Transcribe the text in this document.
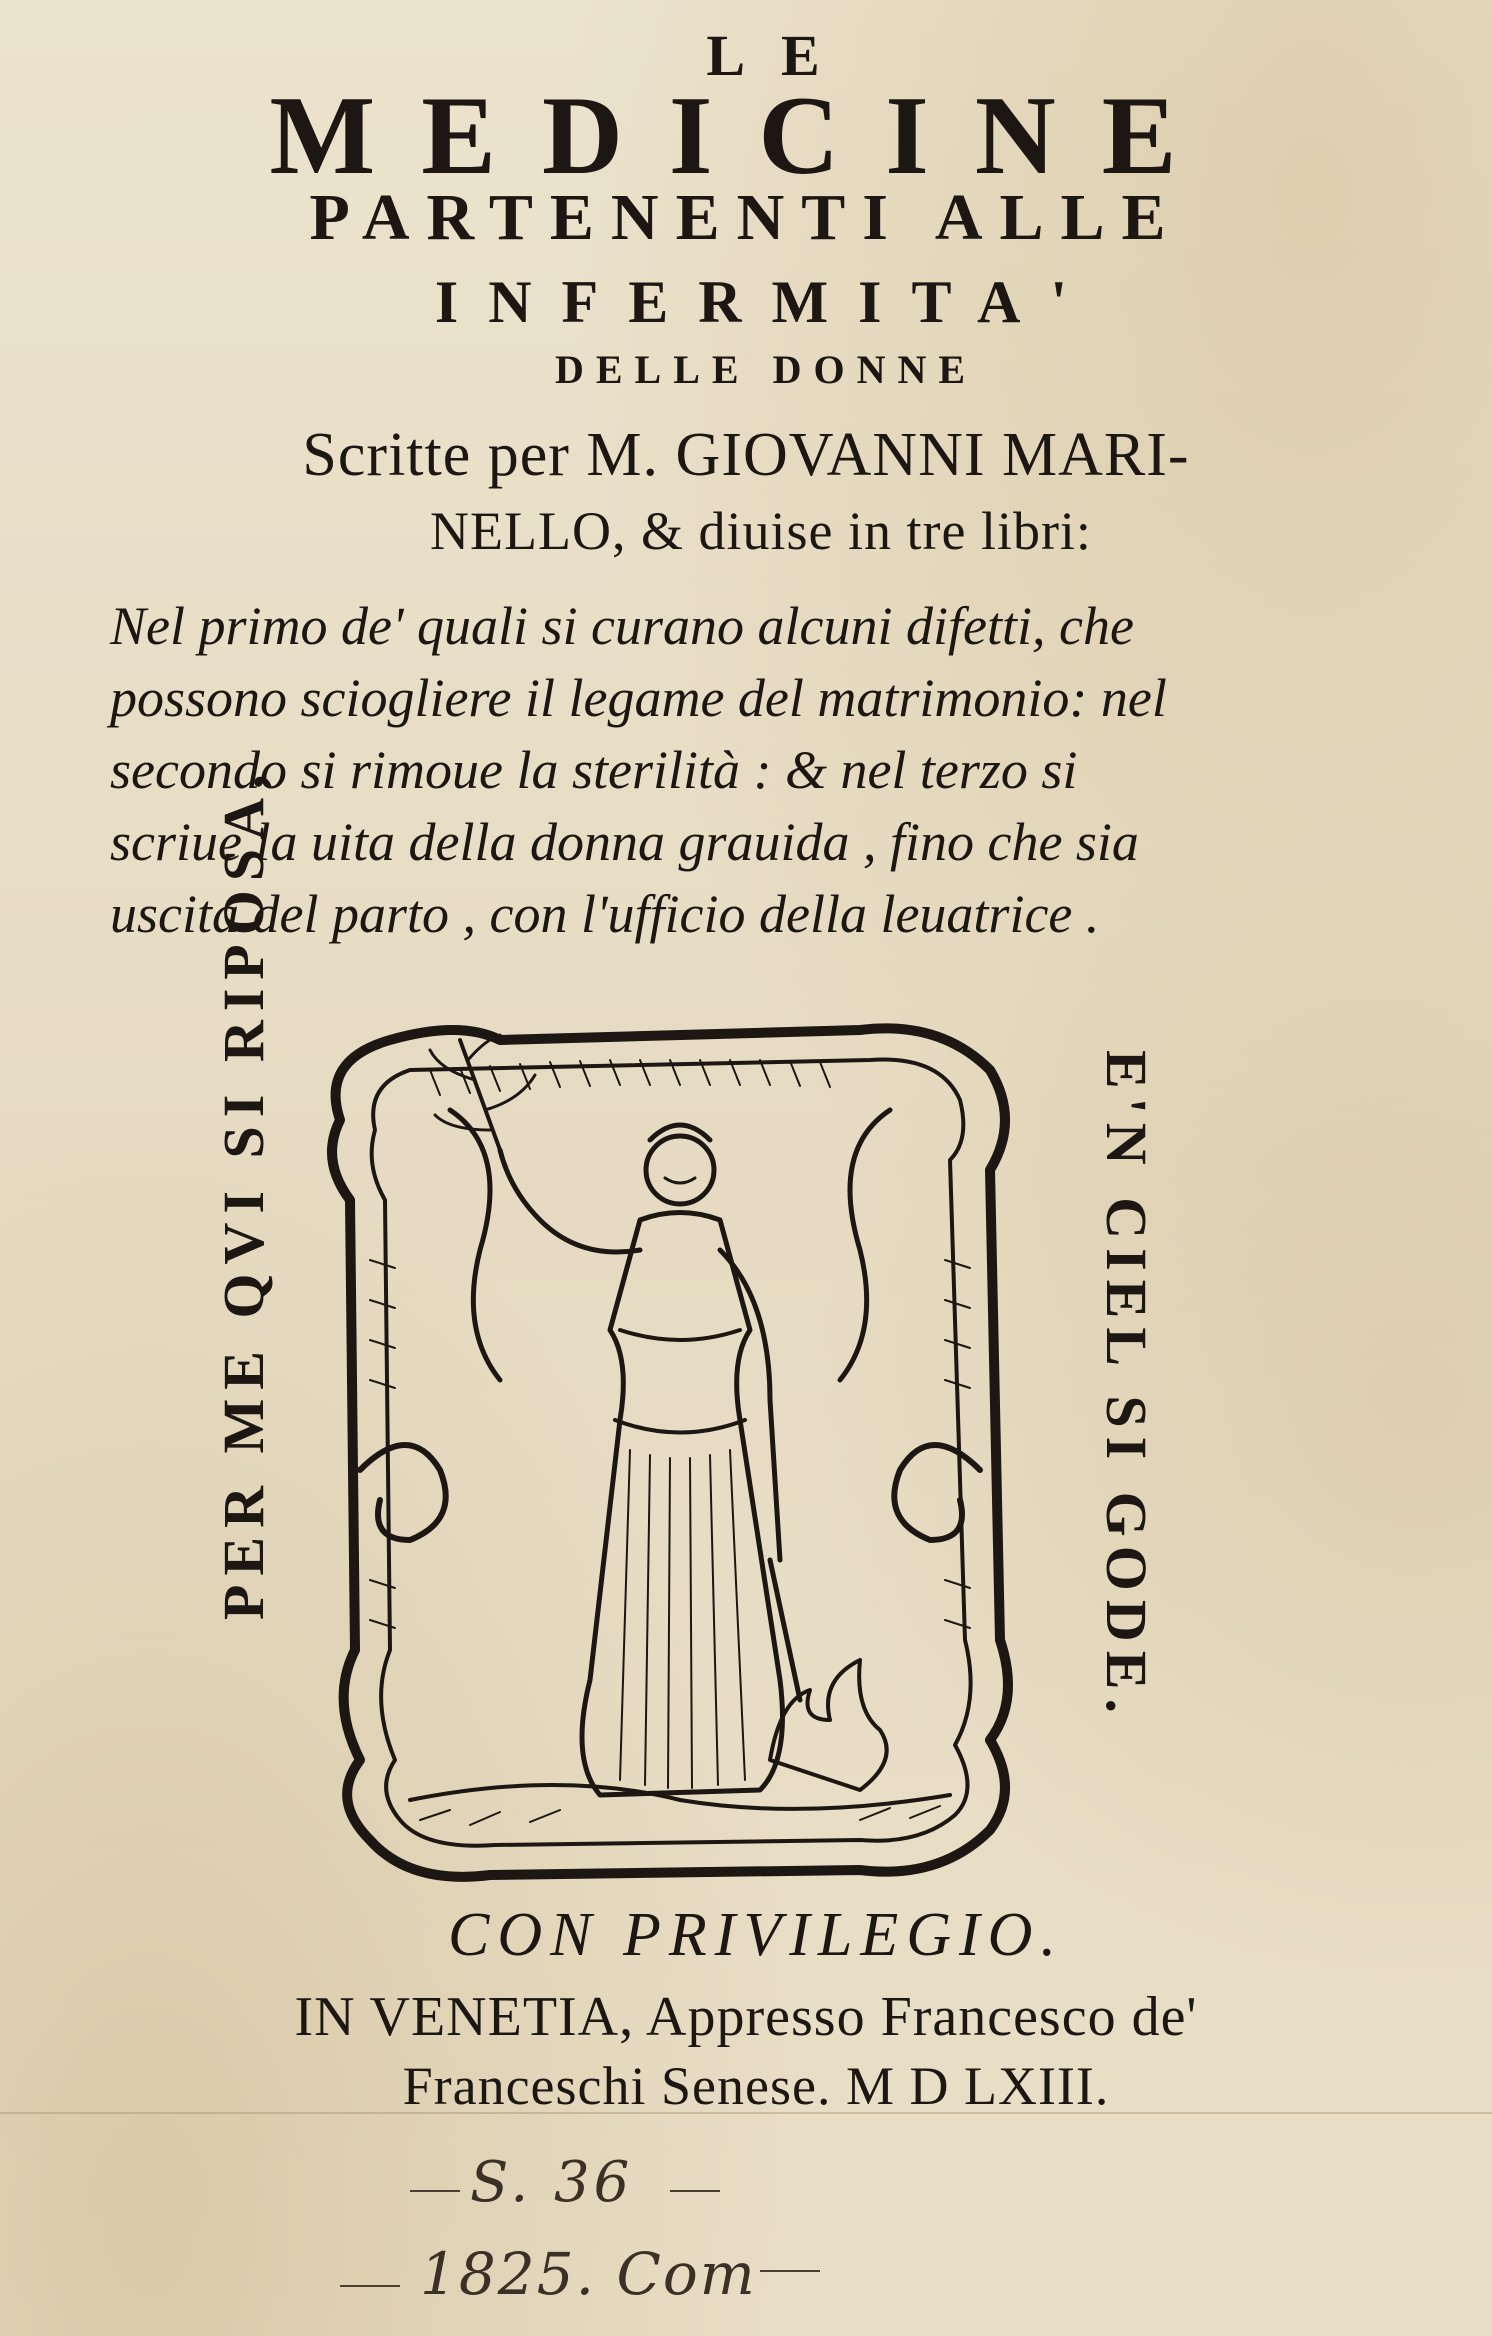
LE
MEDICINE
PARTENENTI ALLE
INFERMITA'
DELLE DONNE
Scritte per M. GIOVANNI MARI-
NELLO, & diuise in tre libri:
Nel primo de' quali si curano alcuni difetti, che
possono sciogliere il legame del matrimonio: nel
secondo si rimoue la sterilità : & nel terzo si
scriue la uita della donna grauida , fino che sia
uscita del parto , con l'ufficio della leuatrice .
PER ME QVI SI RIPOSA,	E'N CIEL SI GODE.
CON PRIVILEGIO.
IN VENETIA, Appresso Francesco de'
Franceschi Senese. M D LXIII.
S. 36
1825. Com
